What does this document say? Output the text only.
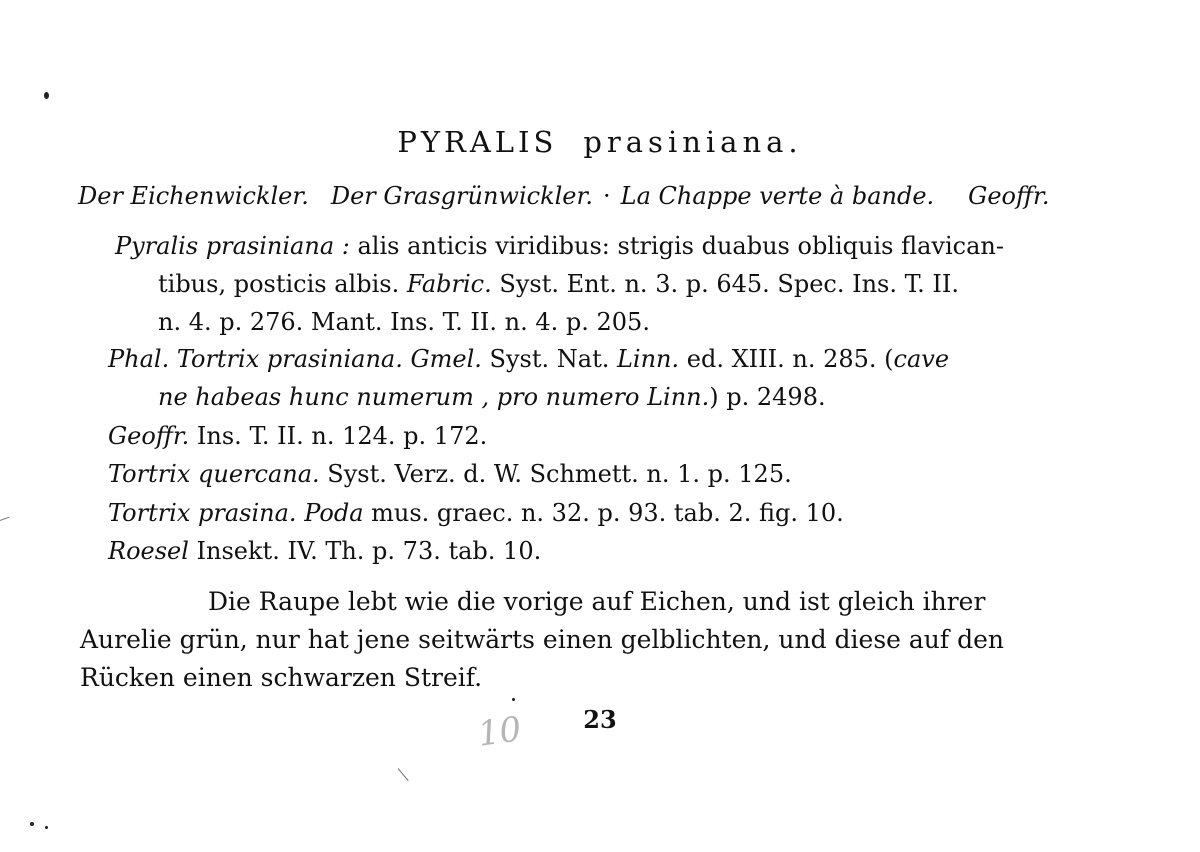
PYRALIS prasiniana.
Der Eichenwickler. Der Grasgrünwickler. · La Chappe verte à bande. Geoffr.
Pyralis prasiniana : alis anticis viridibus: strigis duabus obliquis flavican-
tibus, posticis albis. Fabric. Syst. Ent. n. 3. p. 645. Spec. Ins. T. II.
n. 4. p. 276. Mant. Ins. T. II. n. 4. p. 205.
Phal. Tortrix prasiniana. Gmel. Syst. Nat. Linn. ed. XIII. n. 285. (cave
ne habeas hunc numerum , pro numero Linn.) p. 2498.
Geoffr. Ins. T. II. n. 124. p. 172.
Tortrix quercana. Syst. Verz. d. W. Schmett. n. 1. p. 125.
Tortrix prasina. Poda mus. graec. n. 32. p. 93. tab. 2. fig. 10.
Roesel Insekt. IV. Th. p. 73. tab. 10.
Die Raupe lebt wie die vorige auf Eichen, und ist gleich ihrer
Aurelie grün, nur hat jene seitwärts einen gelblichten, und diese auf den
Rücken einen schwarzen Streif.
23
10
